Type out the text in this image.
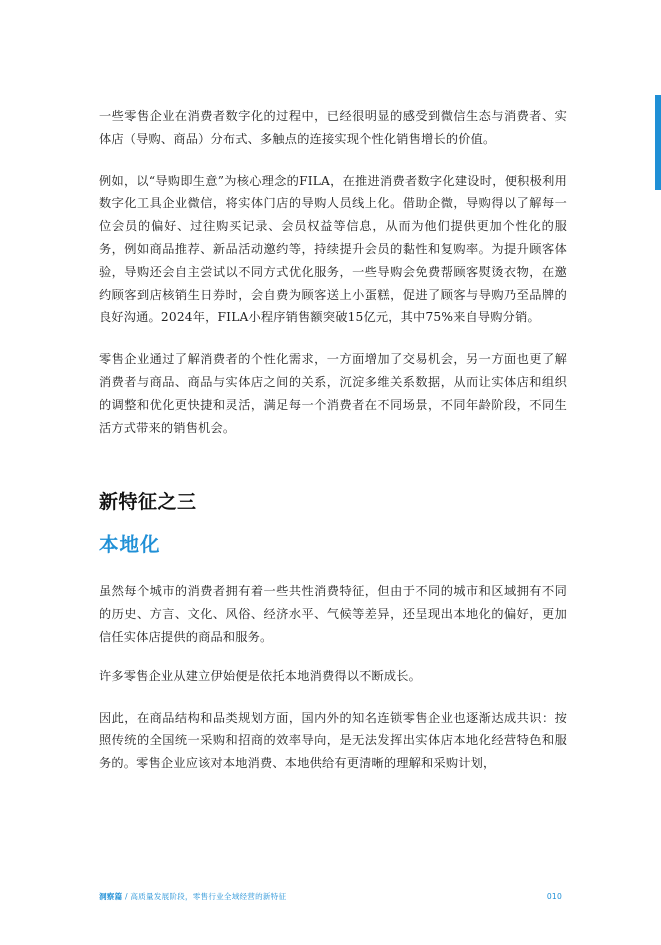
一些零售企业在消费者数字化的过程中，已经很明显的感受到微信生态与消费者、实体店（导购、商品）分布式、多触点的连接实现个性化销售增长的价值。

例如，以“导购即生意”为核心理念的FILA，在推进消费者数字化建设时，便积极利用数字化工具企业微信，将实体门店的导购人员线上化。借助企微，导购得以了解每一位会员的偏好、过往购买记录、会员权益等信息，从而为他们提供更加个性化的服务，例如商品推荐、新品活动邀约等，持续提升会员的黏性和复购率。为提升顾客体验，导购还会自主尝试以不同方式优化服务，一些导购会免费帮顾客熨烫衣物，在邀约顾客到店核销生日券时，会自费为顾客送上小蛋糕，促进了顾客与导购乃至品牌的良好沟通。2024年，FILA小程序销售额突破15亿元，其中75%来自导购分销。

零售企业通过了解消费者的个性化需求，一方面增加了交易机会，另一方面也更了解消费者与商品、商品与实体店之间的关系，沉淀多维关系数据，从而让实体店和组织的调整和优化更快捷和灵活，满足每一个消费者在不同场景，不同年龄阶段，不同生活方式带来的销售机会。

新特征之三
本地化

虽然每个城市的消费者拥有着一些共性消费特征，但由于不同的城市和区域拥有不同的历史、方言、文化、风俗、经济水平、气候等差异，还呈现出本地化的偏好，更加信任实体店提供的商品和服务。

许多零售企业从建立伊始便是依托本地消费得以不断成长。

因此，在商品结构和品类规划方面，国内外的知名连锁零售企业也逐渐达成共识：按照传统的全国统一采购和招商的效率导向，是无法发挥出实体店本地化经营特色和服务的。零售企业应该对本地消费、本地供给有更清晰的理解和采购计划，

洞察篇 / 高质量发展阶段，零售行业全域经营的新特征	010
